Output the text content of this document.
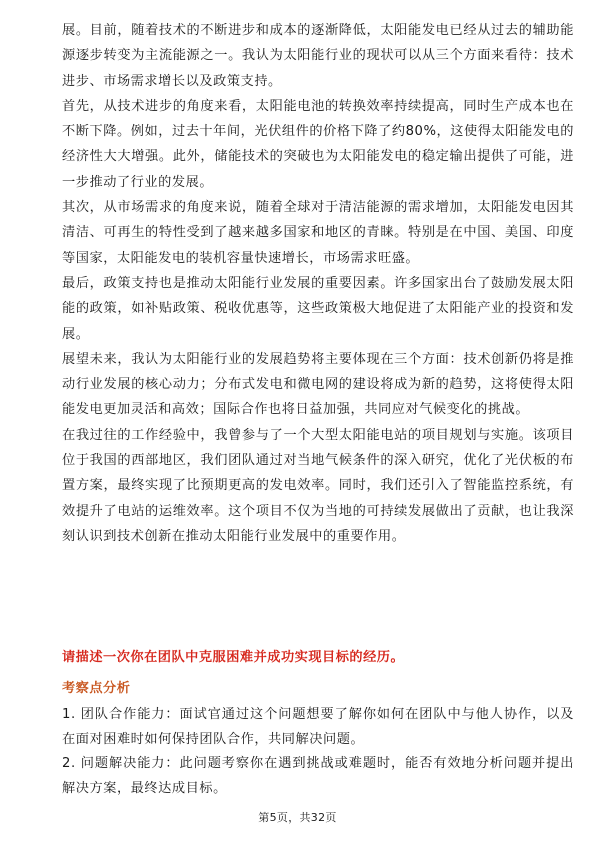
展。目前，随着技术的不断进步和成本的逐渐降低，太阳能发电已经从过去的辅助能源逐步转变为主流能源之一。我认为太阳能行业的现状可以从三个方面来看待：技术进步、市场需求增长以及政策支持。

首先，从技术进步的角度来看，太阳能电池的转换效率持续提高，同时生产成本也在不断下降。例如，过去十年间，光伏组件的价格下降了约80%，这使得太阳能发电的经济性大大增强。此外，储能技术的突破也为太阳能发电的稳定输出提供了可能，进一步推动了行业的发展。

其次，从市场需求的角度来说，随着全球对于清洁能源的需求增加，太阳能发电因其清洁、可再生的特性受到了越来越多国家和地区的青睐。特别是在中国、美国、印度等国家，太阳能发电的装机容量快速增长，市场需求旺盛。

最后，政策支持也是推动太阳能行业发展的重要因素。许多国家出台了鼓励发展太阳能的政策，如补贴政策、税收优惠等，这些政策极大地促进了太阳能产业的投资和发展。

展望未来，我认为太阳能行业的发展趋势将主要体现在三个方面：技术创新仍将是推动行业发展的核心动力；分布式发电和微电网的建设将成为新的趋势，这将使得太阳能发电更加灵活和高效；国际合作也将日益加强，共同应对气候变化的挑战。

在我过往的工作经验中，我曾参与了一个大型太阳能电站的项目规划与实施。该项目位于我国的西部地区，我们团队通过对当地气候条件的深入研究，优化了光伏板的布置方案，最终实现了比预期更高的发电效率。同时，我们还引入了智能监控系统，有效提升了电站的运维效率。这个项目不仅为当地的可持续发展做出了贡献，也让我深刻认识到技术创新在推动太阳能行业发展中的重要作用。

请描述一次你在团队中克服困难并成功实现目标的经历。

考察点分析

1. 团队合作能力：面试官通过这个问题想要了解你如何在团队中与他人协作，以及在面对困难时如何保持团队合作，共同解决问题。

2. 问题解决能力：此问题考察你在遇到挑战或难题时，能否有效地分析问题并提出解决方案，最终达成目标。

第5页，共32页
